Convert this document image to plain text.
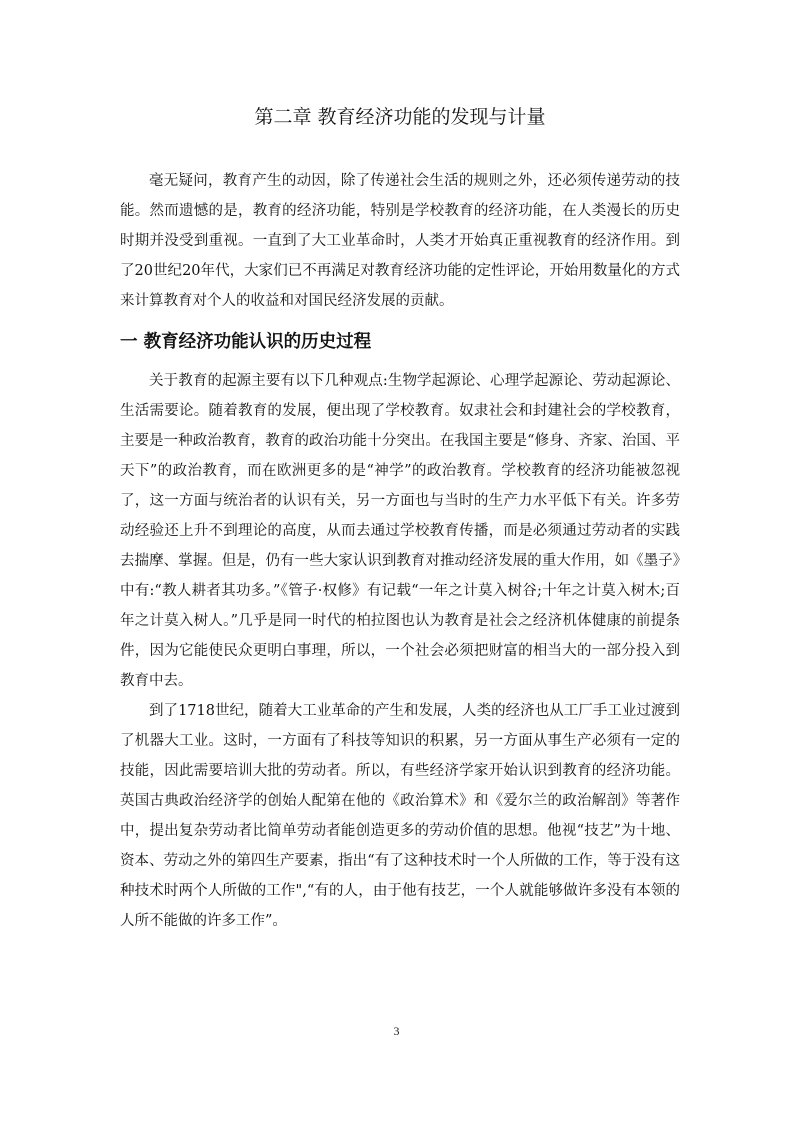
第二章 教育经济功能的发现与计量

毫无疑问，教育产生的动因，除了传递社会生活的规则之外，还必须传递劳动的技能。然而遗憾的是，教育的经济功能，特别是学校教育的经济功能，在人类漫长的历史时期并没受到重视。一直到了大工业革命时，人类才开始真正重视教育的经济作用。到了20世纪20年代，大家们已不再满足对教育经济功能的定性评论，开始用数量化的方式来计算教育对个人的收益和对国民经济发展的贡献。

一 教育经济功能认识的历史过程

关于教育的起源主要有以下几种观点:生物学起源论、心理学起源论、劳动起源论、生活需要论。随着教育的发展，便出现了学校教育。奴隶社会和封建社会的学校教育，主要是一种政治教育，教育的政治功能十分突出。在我国主要是“修身、齐家、治国、平天下”的政治教育，而在欧洲更多的是“神学”的政治教育。学校教育的经济功能被忽视了，这一方面与统治者的认识有关，另一方面也与当时的生产力水平低下有关。许多劳动经验还上升不到理论的高度，从而去通过学校教育传播，而是必须通过劳动者的实践去揣摩、掌握。但是，仍有一些大家认识到教育对推动经济发展的重大作用，如《墨子》中有:“教人耕者其功多。”《管子·权修》有记载“一年之计莫入树谷;十年之计莫入树木;百年之计莫入树人。”几乎是同一时代的柏拉图也认为教育是社会之经济机体健康的前提条件，因为它能使民众更明白事理，所以，一个社会必须把财富的相当大的一部分投入到教育中去。

到了1718世纪，随着大工业革命的产生和发展，人类的经济也从工厂手工业过渡到了机器大工业。这时，一方面有了科技等知识的积累，另一方面从事生产必须有一定的技能，因此需要培训大批的劳动者。所以，有些经济学家开始认识到教育的经济功能。英国古典政治经济学的创始人配第在他的《政治算术》和《爱尔兰的政治解剖》等著作中，提出复杂劳动者比简单劳动者能创造更多的劳动价值的思想。他视“技艺”为十地、资本、劳动之外的第四生产要素，指出“有了这种技术时一个人所做的工作，等于没有这种技术时两个人所做的工作",“有的人，由于他有技艺，一个人就能够做许多没有本领的人所不能做的许多工作”。

3
